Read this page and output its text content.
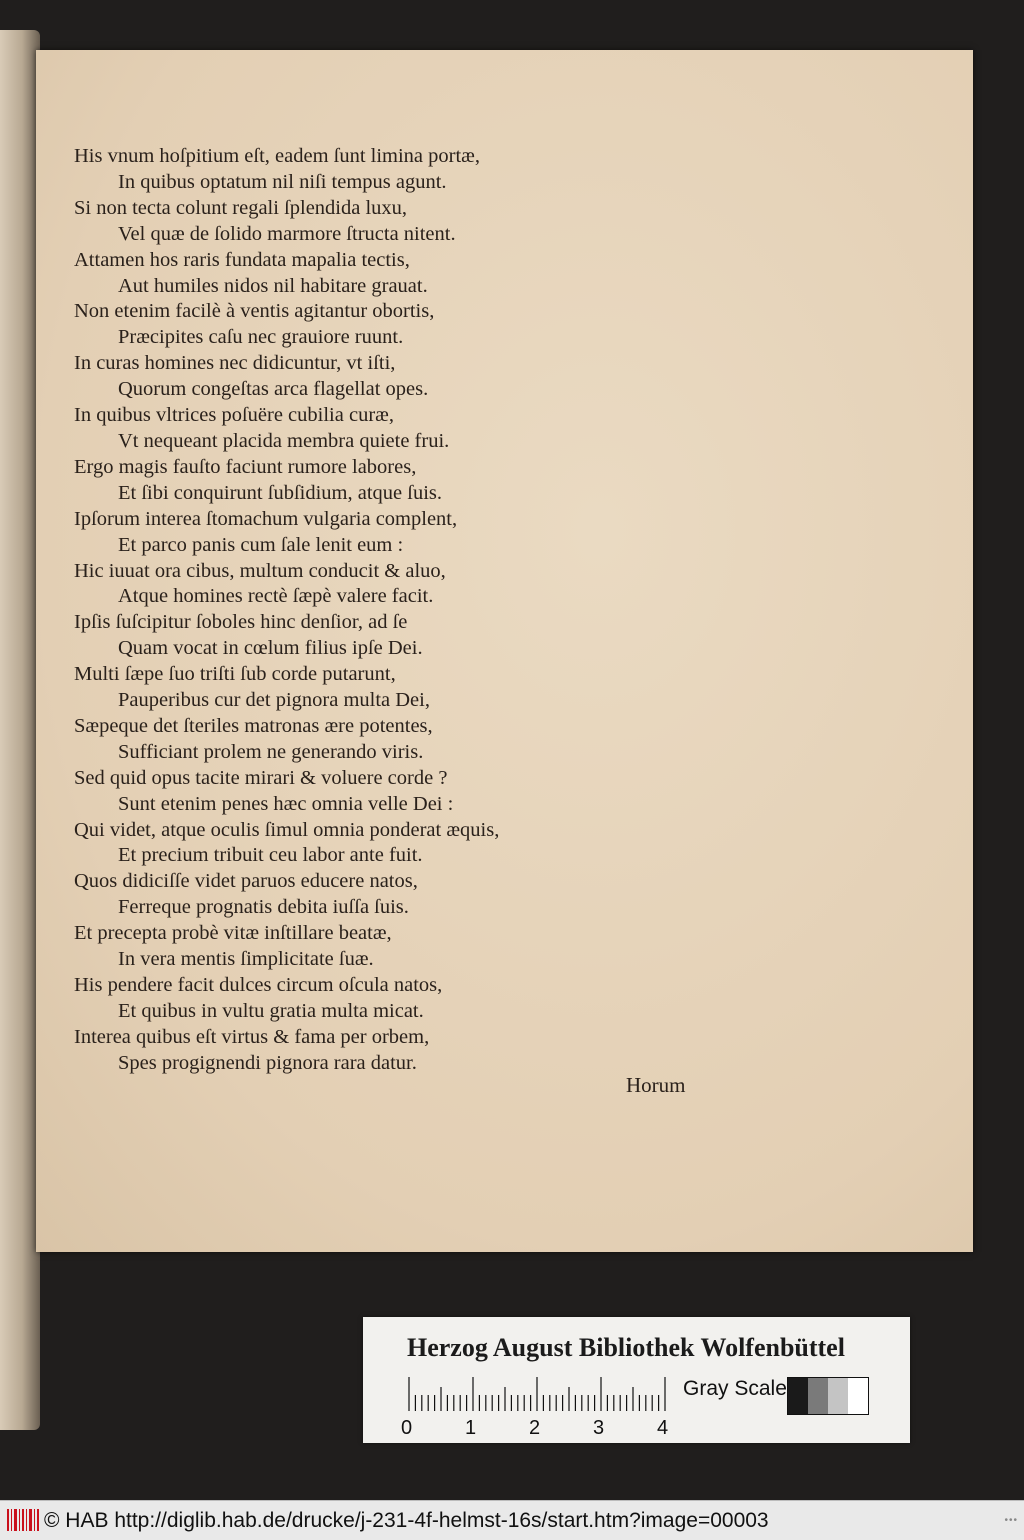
His vnum hoſpitium eſt, eadem ſunt limina portæ,
In quibus optatum nil niſi tempus agunt.
Si non tecta colunt regali ſplendida luxu,
Vel quæ de ſolido marmore ſtructa nitent.
Attamen hos raris fundata mapalia tectis,
Aut humiles nidos nil habitare grauat.
Non etenim facilè à ventis agitantur obortis,
Præcipites caſu nec grauiore ruunt.
In curas homines nec didicuntur, vt iſti,
Quorum congeſtas arca flagellat opes.
In quibus vltrices poſuëre cubilia curæ,
Vt nequeant placida membra quiete frui.
Ergo magis fauſto faciunt rumore labores,
Et ſibi conquirunt ſubſidium, atque ſuis.
Ipſorum interea ſtomachum vulgaria complent,
Et parco panis cum ſale lenit eum :
Hic iuuat ora cibus, multum conducit & aluo,
Atque homines rectè ſæpè valere facit.
Ipſis ſuſcipitur ſoboles hinc denſior, ad ſe
Quam vocat in cœlum filius ipſe Dei.
Multi ſæpe ſuo triſti ſub corde putarunt,
Pauperibus cur det pignora multa Dei,
Sæpeque det ſteriles matronas ære potentes,
Sufficiant prolem ne generando viris.
Sed quid opus tacite mirari & voluere corde ?
Sunt etenim penes hæc omnia velle Dei :
Qui videt, atque oculis ſimul omnia ponderat æquis,
Et precium tribuit ceu labor ante fuit.
Quos didiciſſe videt paruos educere natos,
Ferreque prognatis debita iuſſa ſuis.
Et precepta probè vitæ inſtillare beatæ,
In vera mentis ſimplicitate ſuæ.
His pendere facit dulces circum oſcula natos,
Et quibus in vultu gratia multa micat.
Interea quibus eſt virtus & fama per orbem,
Spes progignendi pignora rara datur.
Horum
Herzog August Bibliothek Wolfenbüttel
0	1	2	3	4
Gray Scale
© HAB http://diglib.hab.de/drucke/j-231-4f-helmst-16s/start.htm?image=00003	•••
